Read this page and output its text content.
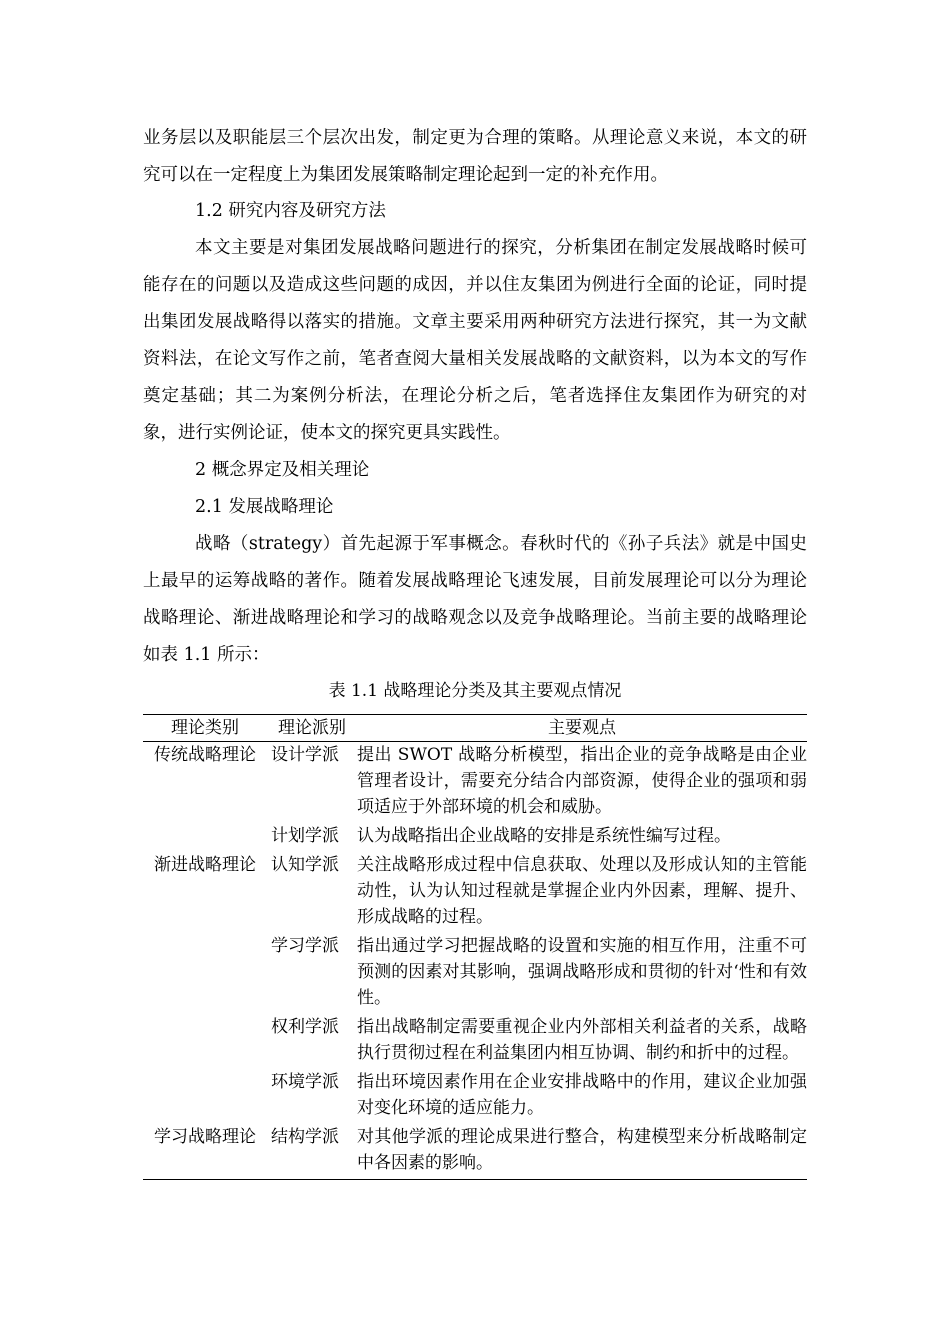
业务层以及职能层三个层次出发，制定更为合理的策略。从理论意义来说，本文的研究可以在一定程度上为集团发展策略制定理论起到一定的补充作用。

1.2 研究内容及研究方法

本文主要是对集团发展战略问题进行的探究，分析集团在制定发展战略时候可能存在的问题以及造成这些问题的成因，并以住友集团为例进行全面的论证，同时提出集团发展战略得以落实的措施。文章主要采用两种研究方法进行探究，其一为文献资料法，在论文写作之前，笔者查阅大量相关发展战略的文献资料，以为本文的写作奠定基础；其二为案例分析法，在理论分析之后，笔者选择住友集团作为研究的对象，进行实例论证，使本文的探究更具实践性。

2 概念界定及相关理论

2.1 发展战略理论

战略（strategy）首先起源于军事概念。春秋时代的《孙子兵法》就是中国史上最早的运筹战略的著作。随着发展战略理论飞速发展，目前发展理论可以分为理论战略理论、渐进战略理论和学习的战略观念以及竞争战略理论。当前主要的战略理论如表 1.1 所示：

表 1.1 战略理论分类及其主要观点情况

理论类别	理论派别	主要观点
传统战略理论	设计学派	提出 SWOT 战略分析模型，指出企业的竞争战略是由企业管理者设计，需要充分结合内部资源，使得企业的强项和弱项适应于外部环境的机会和威胁。
	计划学派	认为战略指出企业战略的安排是系统性编写过程。
渐进战略理论	认知学派	关注战略形成过程中信息获取、处理以及形成认知的主管能动性，认为认知过程就是掌握企业内外因素，理解、提升、形成战略的过程。
	学习学派	指出通过学习把握战略的设置和实施的相互作用，注重不可预测的因素对其影响，强调战略形成和贯彻的针对‘性和有效性。
	权利学派	指出战略制定需要重视企业内外部相关利益者的关系，战略执行贯彻过程在利益集团内相互协调、制约和折中的过程。
	环境学派	指出环境因素作用在企业安排战略中的作用，建议企业加强对变化环境的适应能力。
学习战略理论	结构学派	对其他学派的理论成果进行整合，构建模型来分析战略制定中各因素的影响。
